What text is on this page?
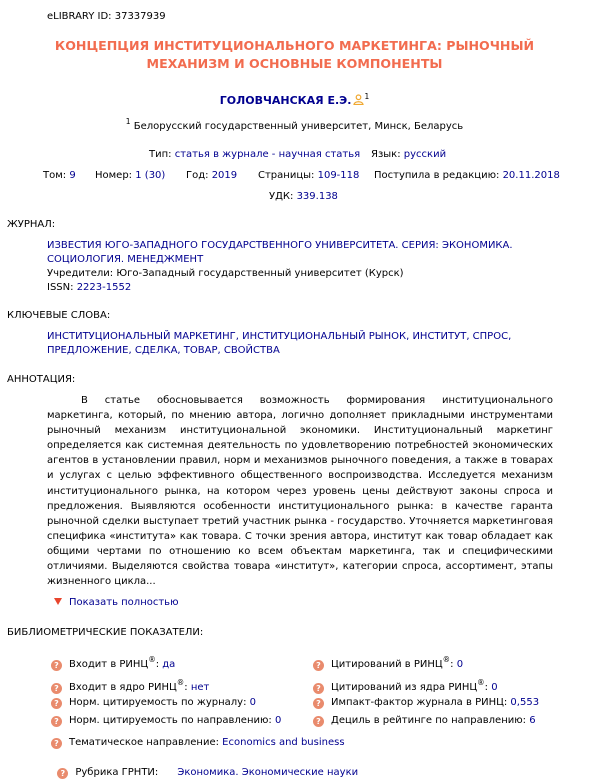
eLIBRARY ID: 37337939
КОНЦЕПЦИЯ ИНСТИТУЦИОНАЛЬНОГО МАРКЕТИНГА: РЫНОЧНЫЙ
МЕХАНИЗМ И ОСНОВНЫЕ КОМПОНЕНТЫ
ГОЛОВЧАНСКАЯ Е.Э. $^1$
$^1$ Белорусский государственный университет, Минск, Беларусь
Тип: статья в журнале - научная статья Язык: русский
Том: 9 Номер: 1 (30) Год: 2019 Страницы: 109-118 Поступила в редакцию: 20.11.2018
УДК: 339.138
ЖУРНАЛ:
ИЗВЕСТИЯ ЮГО-ЗАПАДНОГО ГОСУДАРСТВЕННОГО УНИВЕРСИТЕТА. СЕРИЯ: ЭКОНОМИКА.
СОЦИОЛОГИЯ. МЕНЕДЖМЕНТ
Учредители: Юго-Западный государственный университет (Курск)
ISSN: 2223-1552
КЛЮЧЕВЫЕ СЛОВА:
ИНСТИТУЦИОНАЛЬНЫЙ МАРКЕТИНГ, ИНСТИТУЦИОНАЛЬНЫЙ РЫНОК, ИНСТИТУТ, СПРОС,
ПРЕДЛОЖЕНИЕ, СДЕЛКА, ТОВАР, СВОЙСТВА
АННОТАЦИЯ:
В статье обосновывается возможность формирования институционального маркетинга, который, по мнению автора, логично дополняет прикладными инструментами рыночный механизм институциональной экономики. Институциональный маркетинг определяется как системная деятельность по удовлетворению потребностей экономических агентов в установлении правил, норм и механизмов рыночного поведения, а также в товарах и услугах с целью эффективного общественного воспроизводства. Исследуется механизм институционального рынка, на котором через уровень цены действуют законы спроса и предложения. Выявляются особенности институционального рынка: в качестве гаранта рыночной сделки выступает третий участник рынка - государство. Уточняется маркетинговая специфика «института» как товара. С точки зрения автора, институт как товар обладает как общими чертами по отношению ко всем объектам маркетинга, так и специфическими отличиями. Выделяются свойства товара «институт», категории спроса, ассортимент, этапы жизненного цикла...
Показать полностью
БИБЛИОМЕТРИЧЕСКИЕ ПОКАЗАТЕЛИ:
? Входит в РИНЦ®: да
? Входит в ядро РИНЦ®: нет
? Норм. цитируемость по журналу: 0
? Норм. цитируемость по направлению: 0
? Тематическое направление: Economics and business

? Рубрика ГРНТИ: Экономика. Экономические науки

? Цитирований в РИНЦ®: 0
? Цитирований из ядра РИНЦ®: 0
? Импакт-фактор журнала в РИНЦ: 0,553
? Дециль в рейтинге по направлению: 6
